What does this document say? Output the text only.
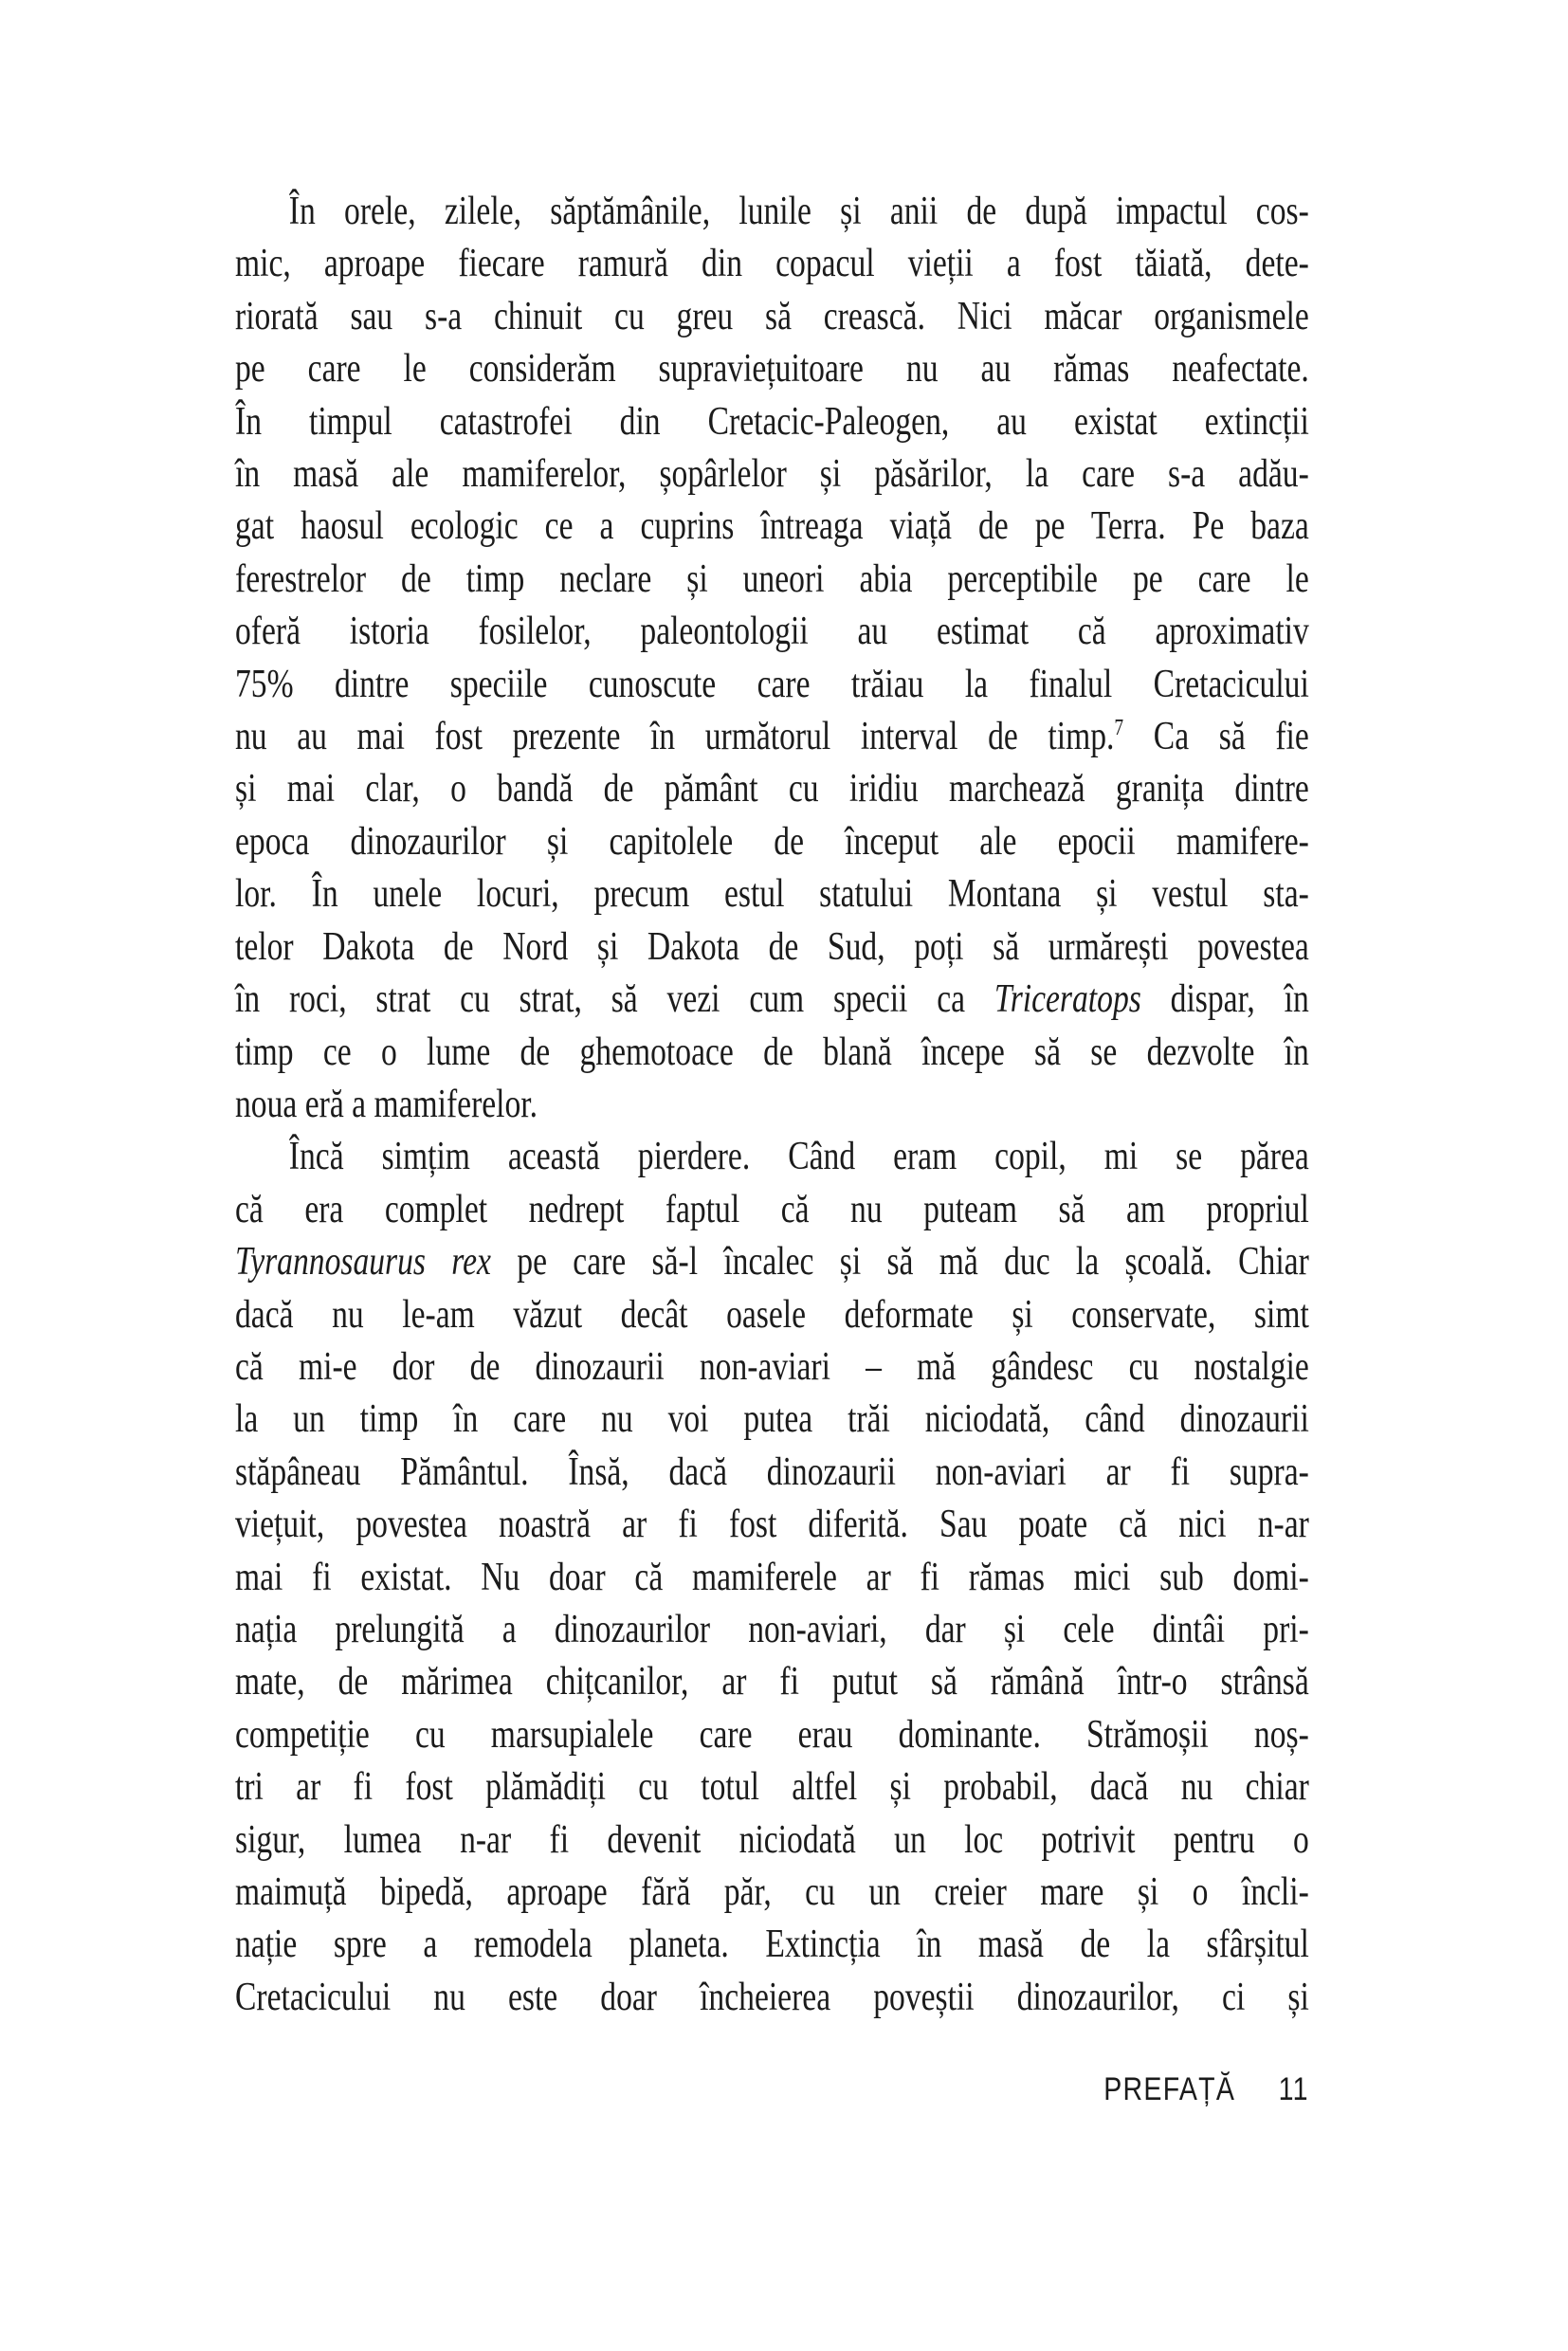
În orele, zilele, săptămânile, lunile și anii de după impactul cos-
mic, aproape fiecare ramură din copacul vieții a fost tăiată, dete-
riorată sau s-a chinuit cu greu să crească. Nici măcar organismele
pe care le considerăm supraviețuitoare nu au rămas neafectate.
În timpul catastrofei din Cretacic-Paleogen, au existat extincții
în masă ale mamiferelor, șopârlelor și păsărilor, la care s-a adău-
gat haosul ecologic ce a cuprins întreaga viață de pe Terra. Pe baza
ferestrelor de timp neclare și uneori abia perceptibile pe care le
oferă istoria fosilelor, paleontologii au estimat că aproximativ
75% dintre speciile cunoscute care trăiau la finalul Cretacicului
nu au mai fost prezente în următorul interval de timp.$^7$ Ca să fie
și mai clar, o bandă de pământ cu iridiu marchează granița dintre
epoca dinozaurilor și capitolele de început ale epocii mamifere-
lor. În unele locuri, precum estul statului Montana și vestul sta-
telor Dakota de Nord și Dakota de Sud, poți să urmărești povestea
în roci, strat cu strat, să vezi cum specii ca Triceratops dispar, în
timp ce o lume de ghemotoace de blană începe să se dezvolte în
noua eră a mamiferelor.
Încă simțim această pierdere. Când eram copil, mi se părea
că era complet nedrept faptul că nu puteam să am propriul
Tyrannosaurus rex pe care să-l încalec și să mă duc la școală. Chiar
dacă nu le-am văzut decât oasele deformate și conservate, simt
că mi-e dor de dinozaurii non-aviari – mă gândesc cu nostalgie
la un timp în care nu voi putea trăi niciodată, când dinozaurii
stăpâneau Pământul. Însă, dacă dinozaurii non-aviari ar fi supra-
viețuit, povestea noastră ar fi fost diferită. Sau poate că nici n-ar
mai fi existat. Nu doar că mamiferele ar fi rămas mici sub domi-
nația prelungită a dinozaurilor non-aviari, dar și cele dintâi pri-
mate, de mărimea chițcanilor, ar fi putut să rămână într-o strânsă
competiție cu marsupialele care erau dominante. Strămoșii noș-
tri ar fi fost plămădiți cu totul altfel și probabil, dacă nu chiar
sigur, lumea n-ar fi devenit niciodată un loc potrivit pentru o
maimuță bipedă, aproape fără păr, cu un creier mare și o încli-
nație spre a remodela planeta. Extincția în masă de la sfârșitul
Cretacicului nu este doar încheierea poveștii dinozaurilor, ci și
PREFAȚĂ 11
